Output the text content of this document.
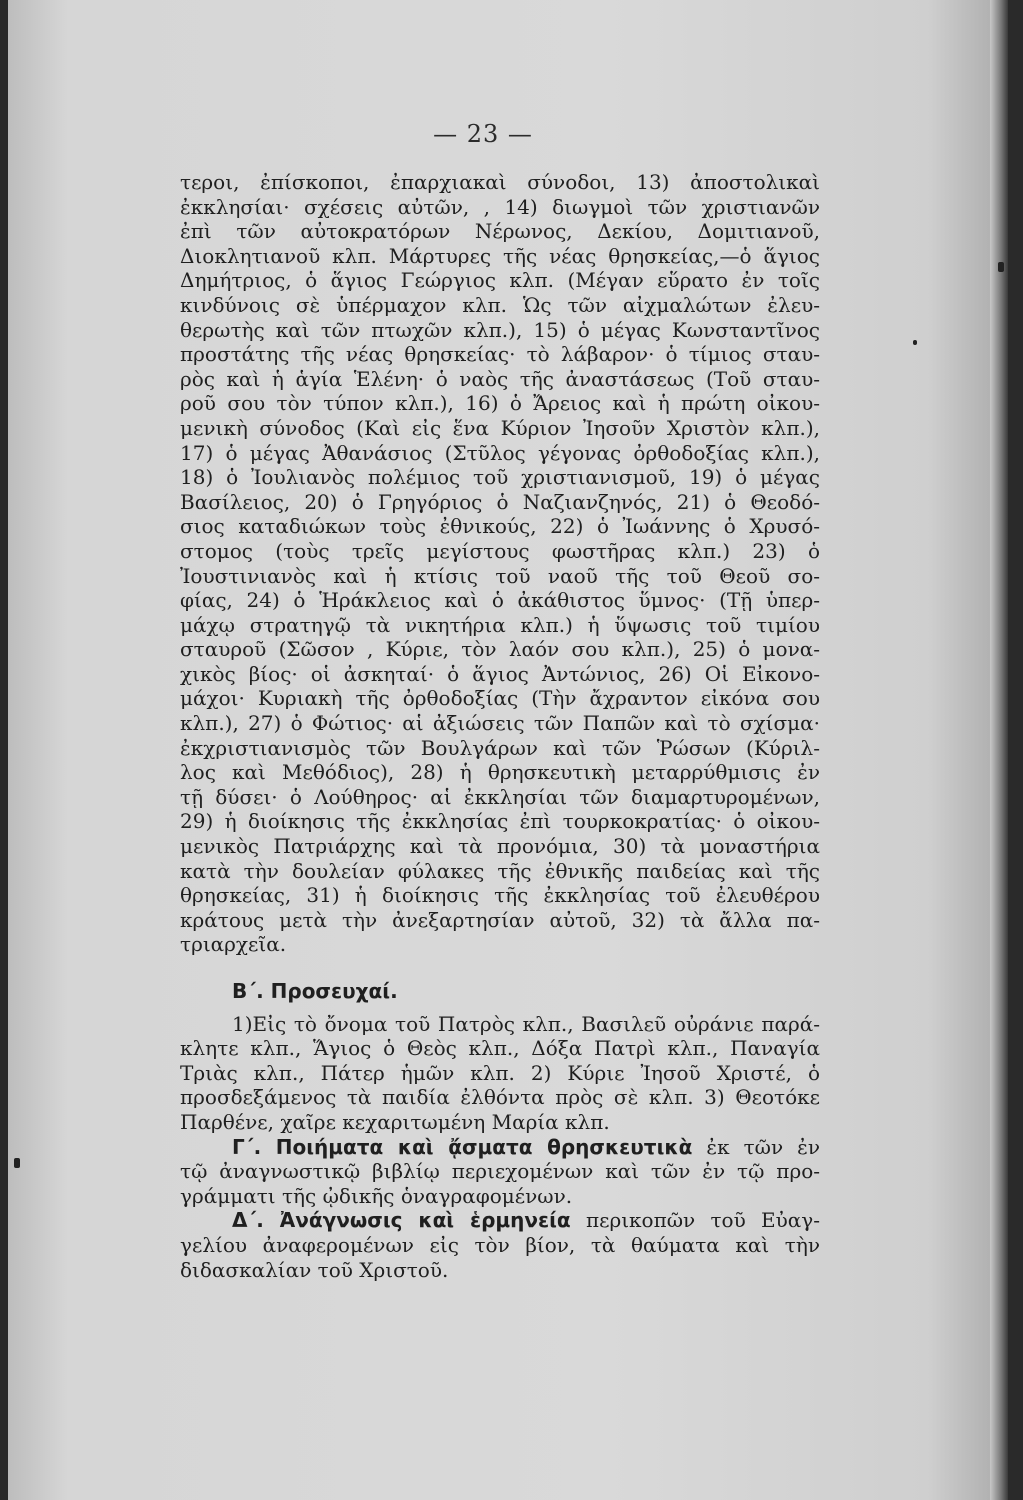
— 23 —
τεροι, ἐπίσκοποι, ἐπαρχιακαὶ σύνοδοι, 13) ἀποστολικαὶ
ἐκκλησίαι· σχέσεις αὐτῶν, , 14) διωγμοὶ τῶν χριστιανῶν
ἐπὶ τῶν αὐτοκρατόρων Νέρωνος, Δεκίου, Δομιτιανοῦ,
Διοκλητιανοῦ κλπ. Μάρτυρες τῆς νέας θρησκείας,—ὁ ἅγιος
Δημήτριος, ὁ ἅγιος Γεώργιος κλπ. (Μέγαν εὕρατο ἐν τοῖς
κινδύνοις σὲ ὑπέρμαχον κλπ. Ὡς τῶν αἰχμαλώτων ἐλευ-
θερωτὴς καὶ τῶν πτωχῶν κλπ.), 15) ὁ μέγας Κωνσταντῖνος
προστάτης τῆς νέας θρησκείας· τὸ λάβαρον· ὁ τίμιος σταυ-
ρὸς καὶ ἡ ἁγία Ἑλένη· ὁ ναὸς τῆς ἀναστάσεως (Τοῦ σταυ-
ροῦ σου τὸν τύπον κλπ.), 16) ὁ Ἄρειος καὶ ἡ πρώτη οἰκου-
μενικὴ σύνοδος (Καὶ εἰς ἕνα Κύριον Ἰησοῦν Χριστὸν κλπ.),
17) ὁ μέγας Ἀθανάσιος (Στῦλος γέγονας ὀρθοδοξίας κλπ.),
18) ὁ Ἰουλιανὸς πολέμιος τοῦ χριστιανισμοῦ, 19) ὁ μέγας
Βασίλειος, 20) ὁ Γρηγόριος ὁ Ναζιανζηνός, 21) ὁ Θεοδό-
σιος καταδιώκων τοὺς ἐθνικούς, 22) ὁ Ἰωάννης ὁ Χρυσό-
στομος (τοὺς τρεῖς μεγίστους φωστῆρας κλπ.) 23) ὁ
Ἰουστινιανὸς καὶ ἡ κτίσις τοῦ ναοῦ τῆς τοῦ Θεοῦ σο-
φίας, 24) ὁ Ἡράκλειος καὶ ὁ ἀκάθιστος ὕμνος· (Τῇ ὑπερ-
μάχῳ στρατηγῷ τὰ νικητήρια κλπ.) ἡ ὕψωσις τοῦ τιμίου
σταυροῦ (Σῶσον , Κύριε, τὸν λαόν σου κλπ.), 25) ὁ μονα-
χικὸς βίος· οἱ ἀσκηταί· ὁ ἅγιος Ἀντώνιος, 26) Οἱ Εἰκονο-
μάχοι· Κυριακὴ τῆς ὀρθοδοξίας (Τὴν ἄχραντον εἰκόνα σου
κλπ.), 27) ὁ Φώτιος· αἱ ἀξιώσεις τῶν Παπῶν καὶ τὸ σχίσμα·
ἐκχριστιανισμὸς τῶν Βουλγάρων καὶ τῶν Ῥώσων (Κύριλ-
λος καὶ Μεθόδιος), 28) ἡ θρησκευτικὴ μεταρρύθμισις ἐν
τῇ δύσει· ὁ Λούθηρος· αἱ ἐκκλησίαι τῶν διαμαρτυρομένων,
29) ἡ διοίκησις τῆς ἐκκλησίας ἐπὶ τουρκοκρατίας· ὁ οἰκου-
μενικὸς Πατριάρχης καὶ τὰ προνόμια, 30) τὰ μοναστήρια
κατὰ τὴν δουλείαν φύλακες τῆς ἐθνικῆς παιδείας καὶ τῆς
θρησκείας, 31) ἡ διοίκησις τῆς ἐκκλησίας τοῦ ἐλευθέρου
κράτους μετὰ τὴν ἀνεξαρτησίαν αὐτοῦ, 32) τὰ ἄλλα πα-
τριαρχεῖα.
Β΄. Προσευχαί.
1)Εἰς τὸ ὄνομα τοῦ Πατρὸς κλπ., Βασιλεῦ οὐράνιε παρά-
κλητε κλπ., Ἅγιος ὁ Θεὸς κλπ., Δόξα Πατρὶ κλπ., Παναγία
Τριὰς κλπ., Πάτερ ἡμῶν κλπ. 2) Κύριε Ἰησοῦ Χριστέ, ὁ
προσδεξάμενος τὰ παιδία ἐλθόντα πρὸς σὲ κλπ. 3) Θεοτόκε
Παρθένε, χαῖρε κεχαριτωμένη Μαρία κλπ.
Γ΄. Ποιήματα καὶ ᾄσματα θρησκευτικὰ ἐκ τῶν ἐν
τῷ ἀναγνωστικῷ βιβλίῳ περιεχομένων καὶ τῶν ἐν τῷ προ-
γράμματι τῆς ᾠδικῆς ὁναγραφομένων.
Δ΄. Ἀνάγνωσις καὶ ἑρμηνεία περικοπῶν τοῦ Εὐαγ-
γελίου ἀναφερομένων εἰς τὸν βίον, τὰ θαύματα καὶ τὴν
διδασκαλίαν τοῦ Χριστοῦ.
